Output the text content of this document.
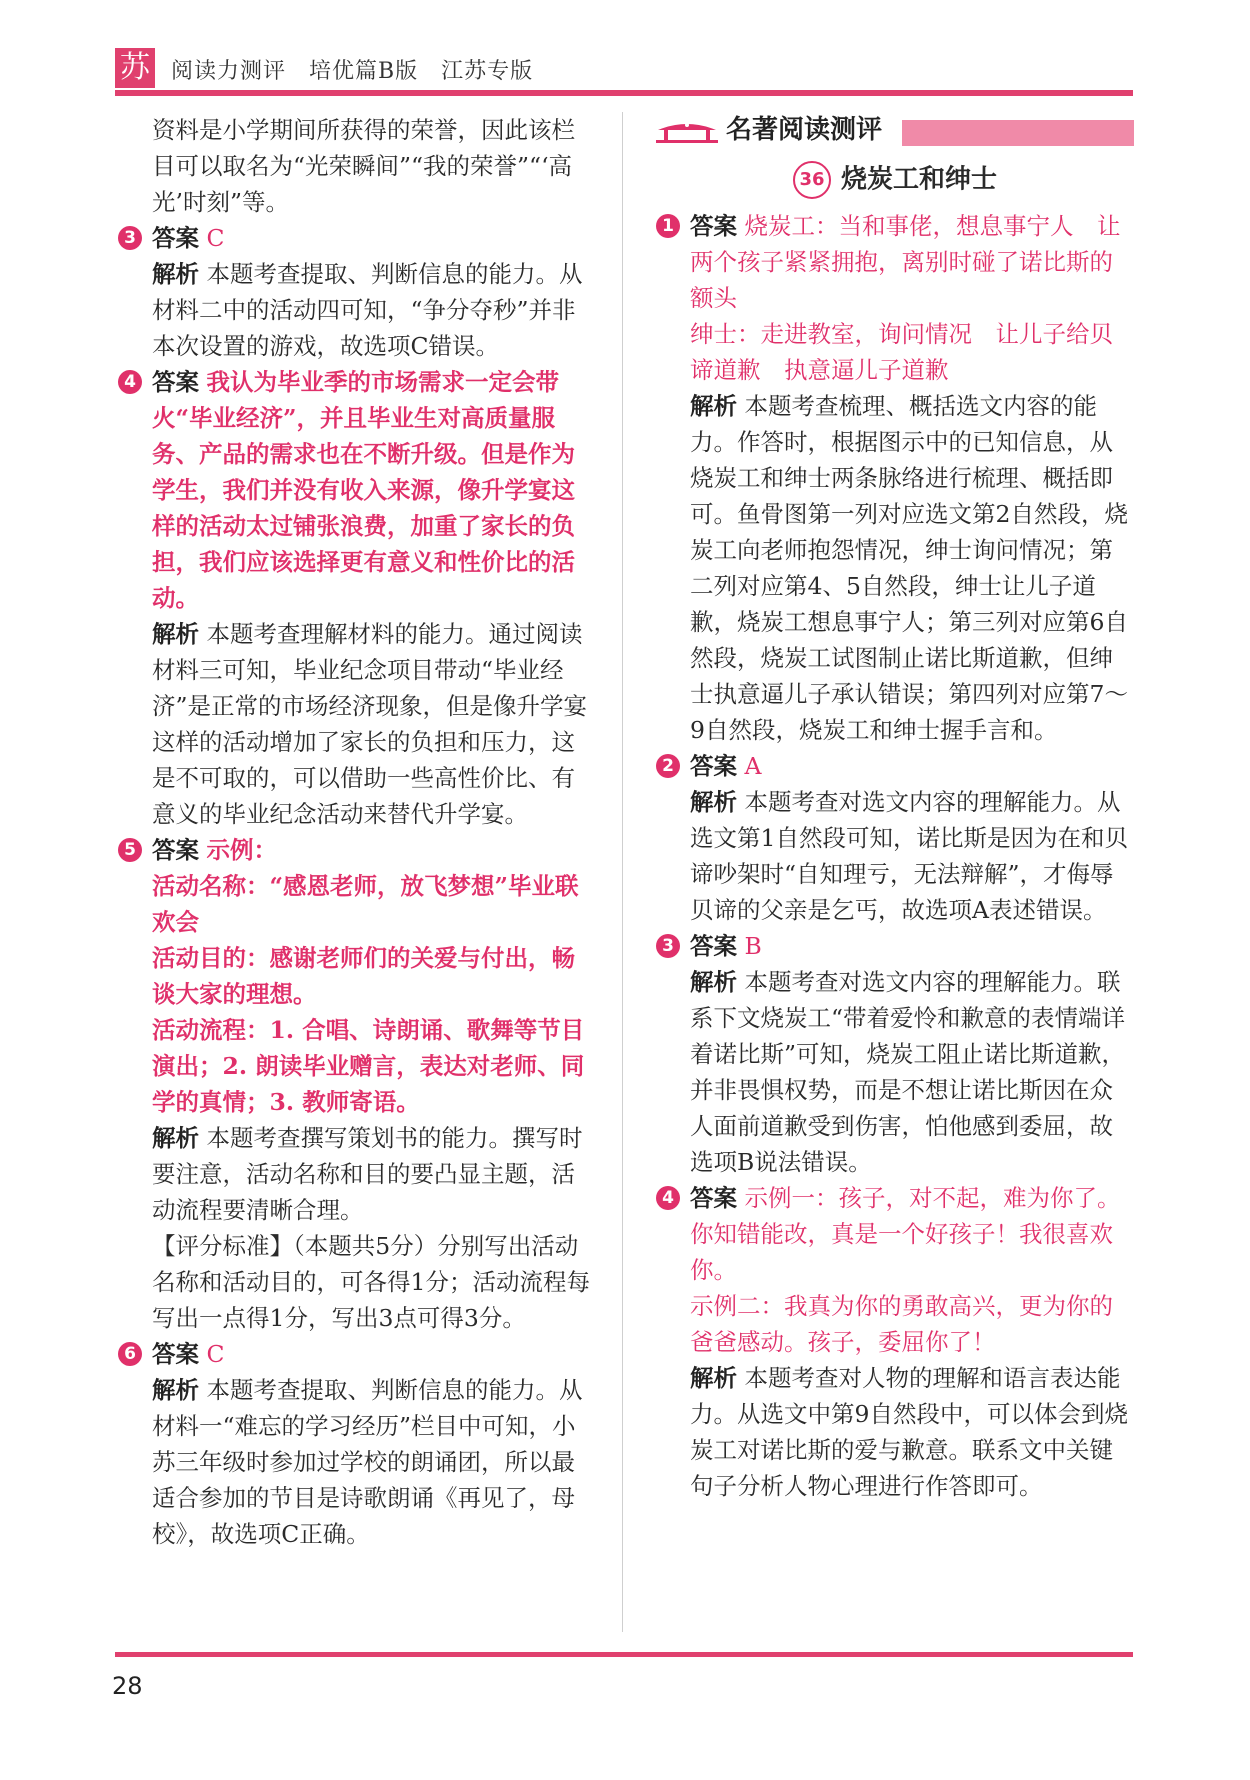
苏 阅读力测评　培优篇B版　江苏专版

资料是小学期间所获得的荣誉，因此该栏目可以取名为“光荣瞬间”“我的荣誉”“‘高光’时刻”等。

3 答案 C

解析 本题考查提取、判断信息的能力。从材料二中的活动四可知，“争分夺秒”并非本次设置的游戏，故选项C错误。

4 答案 我认为毕业季的市场需求一定会带火“毕业经济”，并且毕业生对高质量服务、产品的需求也在不断升级。但是作为学生，我们并没有收入来源，像升学宴这样的活动太过铺张浪费，加重了家长的负担，我们应该选择更有意义和性价比的活动。

解析 本题考查理解材料的能力。通过阅读材料三可知，毕业纪念项目带动“毕业经济”是正常的市场经济现象，但是像升学宴这样的活动增加了家长的负担和压力，这是不可取的，可以借助一些高性价比、有意义的毕业纪念活动来替代升学宴。

5 答案 示例：

活动名称：“感恩老师，放飞梦想”毕业联欢会

活动目的：感谢老师们的关爱与付出，畅谈大家的理想。

活动流程：1. 合唱、诗朗诵、歌舞等节目演出；2. 朗读毕业赠言，表达对老师、同学的真情；3. 教师寄语。

解析 本题考查撰写策划书的能力。撰写时要注意，活动名称和目的要凸显主题，活动流程要清晰合理。

【评分标准】（本题共5分）分别写出活动名称和活动目的，可各得1分；活动流程每写出一点得1分，写出3点可得3分。

6 答案 C

解析 本题考查提取、判断信息的能力。从材料一“难忘的学习经历”栏目中可知，小苏三年级时参加过学校的朗诵团，所以最适合参加的节目是诗歌朗诵《再见了，母校》，故选项C正确。

名著阅读测评
36 烧炭工和绅士
1 答案 烧炭工：当和事佬，想息事宁人　让两个孩子紧紧拥抱，离别时碰了诺比斯的额头

绅士：走进教室，询问情况　让儿子给贝谛道歉　执意逼儿子道歉

解析 本题考查梳理、概括选文内容的能力。作答时，根据图示中的已知信息，从烧炭工和绅士两条脉络进行梳理、概括即可。鱼骨图第一列对应选文第2自然段，烧炭工向老师抱怨情况，绅士询问情况；第二列对应第4、5自然段，绅士让儿子道歉，烧炭工想息事宁人；第三列对应第6自然段，烧炭工试图制止诺比斯道歉，但绅士执意逼儿子承认错误；第四列对应第7～9自然段，烧炭工和绅士握手言和。

2 答案 A

解析 本题考查对选文内容的理解能力。从选文第1自然段可知，诺比斯是因为在和贝谛吵架时“自知理亏，无法辩解”，才侮辱贝谛的父亲是乞丐，故选项A表述错误。

3 答案 B

解析 本题考查对选文内容的理解能力。联系下文烧炭工“带着爱怜和歉意的表情端详着诺比斯”可知，烧炭工阻止诺比斯道歉，并非畏惧权势，而是不想让诺比斯因在众人面前道歉受到伤害，怕他感到委屈，故选项B说法错误。

4 答案 示例一：孩子，对不起，难为你了。你知错能改，真是一个好孩子！我很喜欢你。

示例二：我真为你的勇敢高兴，更为你的爸爸感动。孩子，委屈你了！

解析 本题考查对人物的理解和语言表达能力。从选文中第9自然段中，可以体会到烧炭工对诺比斯的爱与歉意。联系文中关键句子分析人物心理进行作答即可。

28
